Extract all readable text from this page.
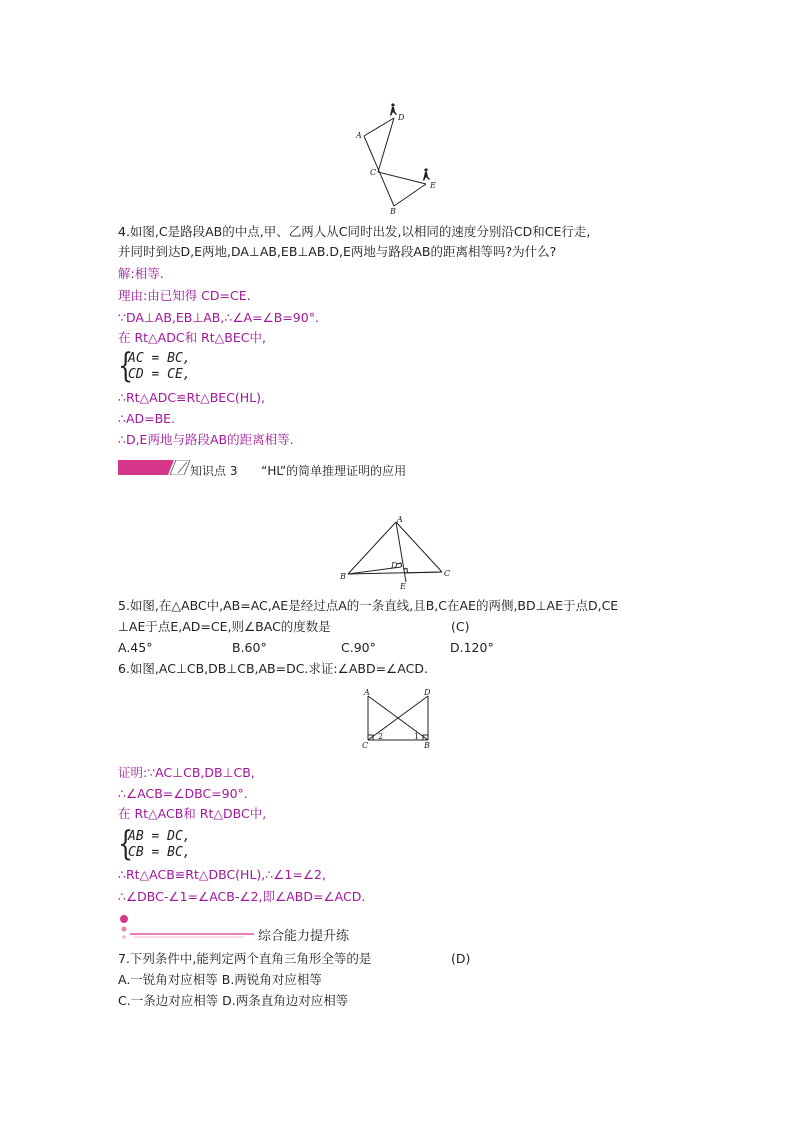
A
D
C
E
B
4.如图,C是路段AB的中点,甲、乙两人从C同时出发,以相同的速度分别沿CD和CE行走,
并同时到达D,E两地,DA⊥AB,EB⊥AB.D,E两地与路段AB的距离相等吗?为什么?
解:相等.
理由:由已知得 CD=CE.
∵DA⊥AB,EB⊥AB,∴∠A=∠B=90°.
在 Rt△ADC和 Rt△BEC中,
{
AC = BC,
CD = CE,
∴Rt△ADC≌Rt△BEC(HL),
∴AD=BE.
∴D,E两地与路段AB的距离相等.
知识点 3 “HL”的简单推理证明的应用
A
B
D
E
C
5.如图,在△ABC中,AB=AC,AE是经过点A的一条直线,且B,C在AE的两侧,BD⊥AE于点D,CE
⊥AE于点E,AD=CE,则∠BAC的度数是	(C)
A.45°	B.60°	C.90°	D.120°
6.如图,AC⊥CB,DB⊥CB,AB=DC.求证:∠ABD=∠ACD.
A	D
C	B
2	1
证明:∵AC⊥CB,DB⊥CB,
∴∠ACB=∠DBC=90°.
在 Rt△ACB和 Rt△DBC中,
{
AB = DC,
CB = BC,
∴Rt△ACB≌Rt△DBC(HL),∴∠1=∠2,
∴∠DBC-∠1=∠ACB-∠2,即∠ABD=∠ACD.
综合能力提升练
7.下列条件中,能判定两个直角三角形全等的是	(D)
A.一锐角对应相等 B.两锐角对应相等
C.一条边对应相等 D.两条直角边对应相等
